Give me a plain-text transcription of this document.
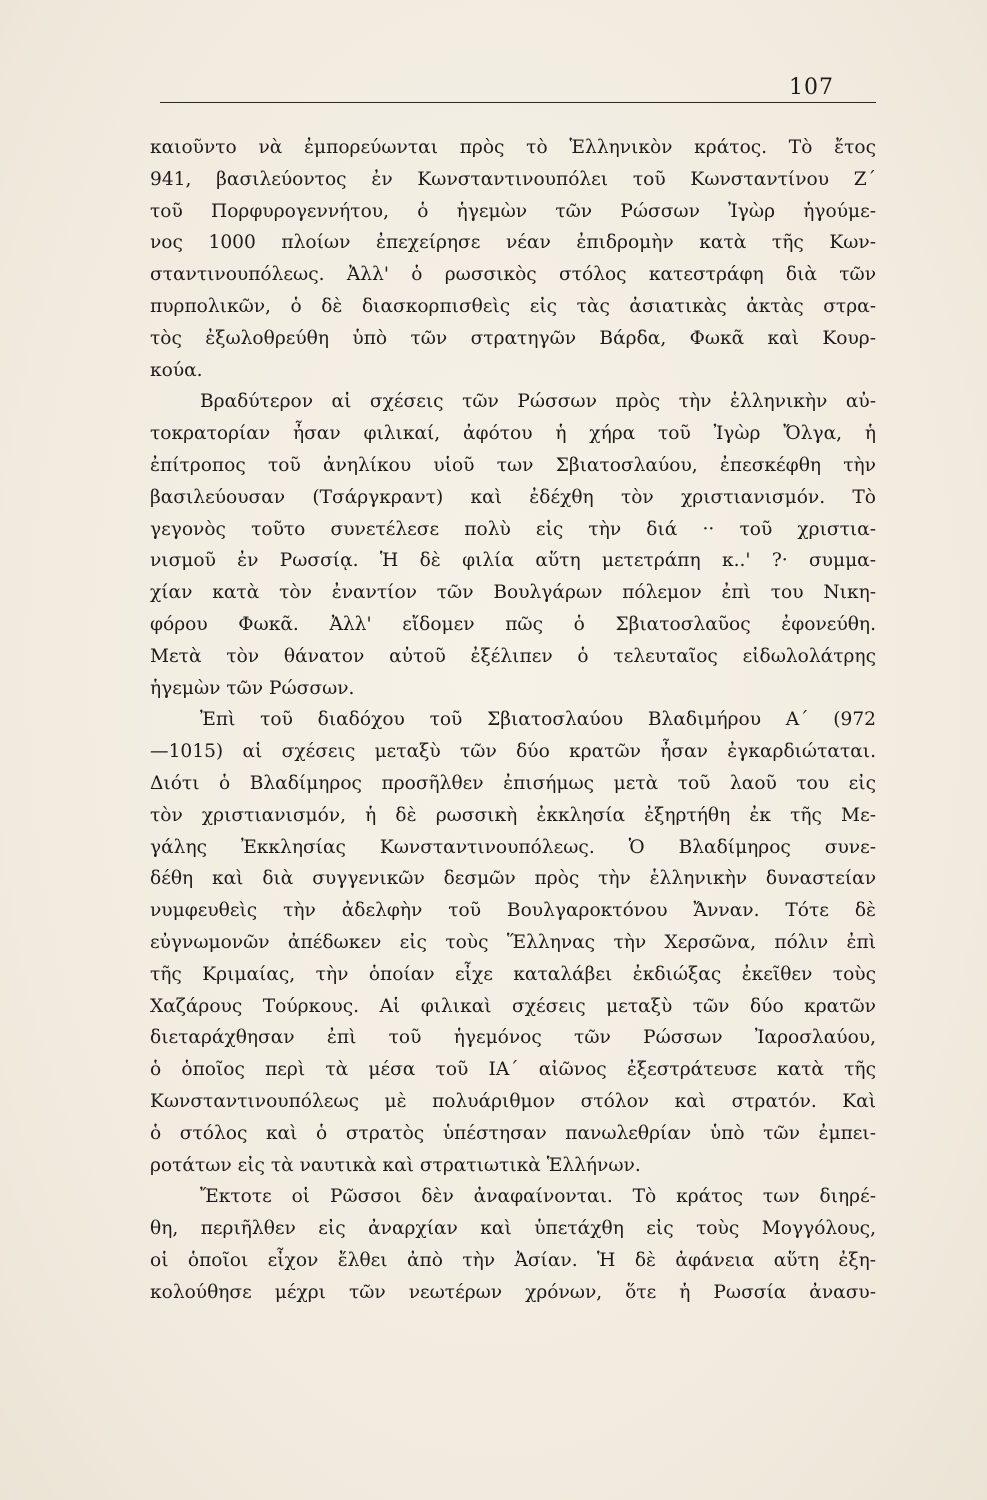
107
καιοῦντο νὰ ἐμπορεύωνται πρὸς τὸ Ἑλληνικὸν κράτος. Τὸ ἔτος
941, βασιλεύοντος ἐν Κωνσταντινουπόλει τοῦ Κωνσταντίνου Ζ΄
τοῦ Πορφυρογεννήτου, ὁ ἡγεμὼν τῶν Ρώσσων Ἰγὼρ ἡγούμε-
νος 1000 πλοίων ἐπεχείρησε νέαν ἐπιδρομὴν κατὰ τῆς Κων-
σταντινουπόλεως. Ἀλλ' ὁ ρωσσικὸς στόλος κατεστράφη διὰ τῶν
πυρπολικῶν, ὁ δὲ διασκορπισθεὶς εἰς τὰς ἀσιατικὰς ἀκτὰς στρα-
τὸς ἐξωλοθρεύθη ὑπὸ τῶν στρατηγῶν Βάρδα, Φωκᾶ καὶ Κουρ-
κούα.
Βραδύτερον αἱ σχέσεις τῶν Ρώσσων πρὸς τὴν ἑλληνικὴν αὐ-
τοκρατορίαν ἦσαν φιλικαί, ἀφότου ἡ χήρα τοῦ Ἰγὼρ Ὄλγα, ἡ
ἐπίτροπος τοῦ ἀνηλίκου υἱοῦ των Σβιατοσλαύου, ἐπεσκέφθη τὴν
βασιλεύουσαν (Τσάργκραντ) καὶ ἐδέχθη τὸν χριστιανισμόν. Τὸ
γεγονὸς τοῦτο συνετέλεσε πολὺ εἰς τὴν διά ·· τοῦ χριστια-
νισμοῦ ἐν Ρωσσίᾳ. Ἡ δὲ φιλία αὕτη μετετράπη κ..' ?· συμμα-
χίαν κατὰ τὸν ἐναντίον τῶν Βουλγάρων πόλεμον ἐπὶ του Νικη-
φόρου Φωκᾶ. Ἀλλ' εἴδομεν πῶς ὁ Σβιατοσλαῦος ἐφονεύθη.
Μετὰ τὸν θάνατον αὐτοῦ ἐξέλιπεν ὁ τελευταῖος εἰδωλολάτρης
ἡγεμὼν τῶν Ρώσσων.
Ἐπὶ τοῦ διαδόχου τοῦ Σβιατοσλαύου Βλαδιμήρου Α΄ (972
—1015) αἱ σχέσεις μεταξὺ τῶν δύο κρατῶν ἦσαν ἐγκαρδιώταται.
Διότι ὁ Βλαδίμηρος προσῆλθεν ἐπισήμως μετὰ τοῦ λαοῦ του εἰς
τὸν χριστιανισμόν, ἡ δὲ ρωσσικὴ ἐκκλησία ἐξηρτήθη ἐκ τῆς Με-
γάλης Ἐκκλησίας Κωνσταντινουπόλεως. Ὁ Βλαδίμηρος συνε-
δέθη καὶ διὰ συγγενικῶν δεσμῶν πρὸς τὴν ἑλληνικὴν δυναστείαν
νυμφευθεὶς τὴν ἀδελφὴν τοῦ Βουλγαροκτόνου Ἄνναν. Τότε δὲ
εὐγνωμονῶν ἀπέδωκεν εἰς τοὺς Ἕλληνας τὴν Χερσῶνα, πόλιν ἐπὶ
τῆς Κριμαίας, τὴν ὁποίαν εἶχε καταλάβει ἐκδιώξας ἐκεῖθεν τοὺς
Χαζάρους Τούρκους. Αἱ φιλικαὶ σχέσεις μεταξὺ τῶν δύο κρατῶν
διεταράχθησαν ἐπὶ τοῦ ἡγεμόνος τῶν Ρώσσων Ἰαροσλαύου,
ὁ ὁποῖος περὶ τὰ μέσα τοῦ ΙΑ΄ αἰῶνος ἐξεστράτευσε κατὰ τῆς
Κωνσταντινουπόλεως μὲ πολυάριθμον στόλον καὶ στρατόν. Καὶ
ὁ στόλος καὶ ὁ στρατὸς ὑπέστησαν πανωλεθρίαν ὑπὸ τῶν ἐμπει-
ροτάτων εἰς τὰ ναυτικὰ καὶ στρατιωτικὰ Ἑλλήνων.
Ἔκτοτε οἱ Ρῶσσοι δὲν ἀναφαίνονται. Τὸ κράτος των διηρέ-
θη, περιῆλθεν εἰς ἀναρχίαν καὶ ὑπετάχθη εἰς τοὺς Μογγόλους,
οἱ ὁποῖοι εἶχον ἔλθει ἀπὸ τὴν Ἀσίαν. Ἡ δὲ ἀφάνεια αὕτη ἐξη-
κολούθησε μέχρι τῶν νεωτέρων χρόνων, ὅτε ἡ Ρωσσία ἀνασυ-
